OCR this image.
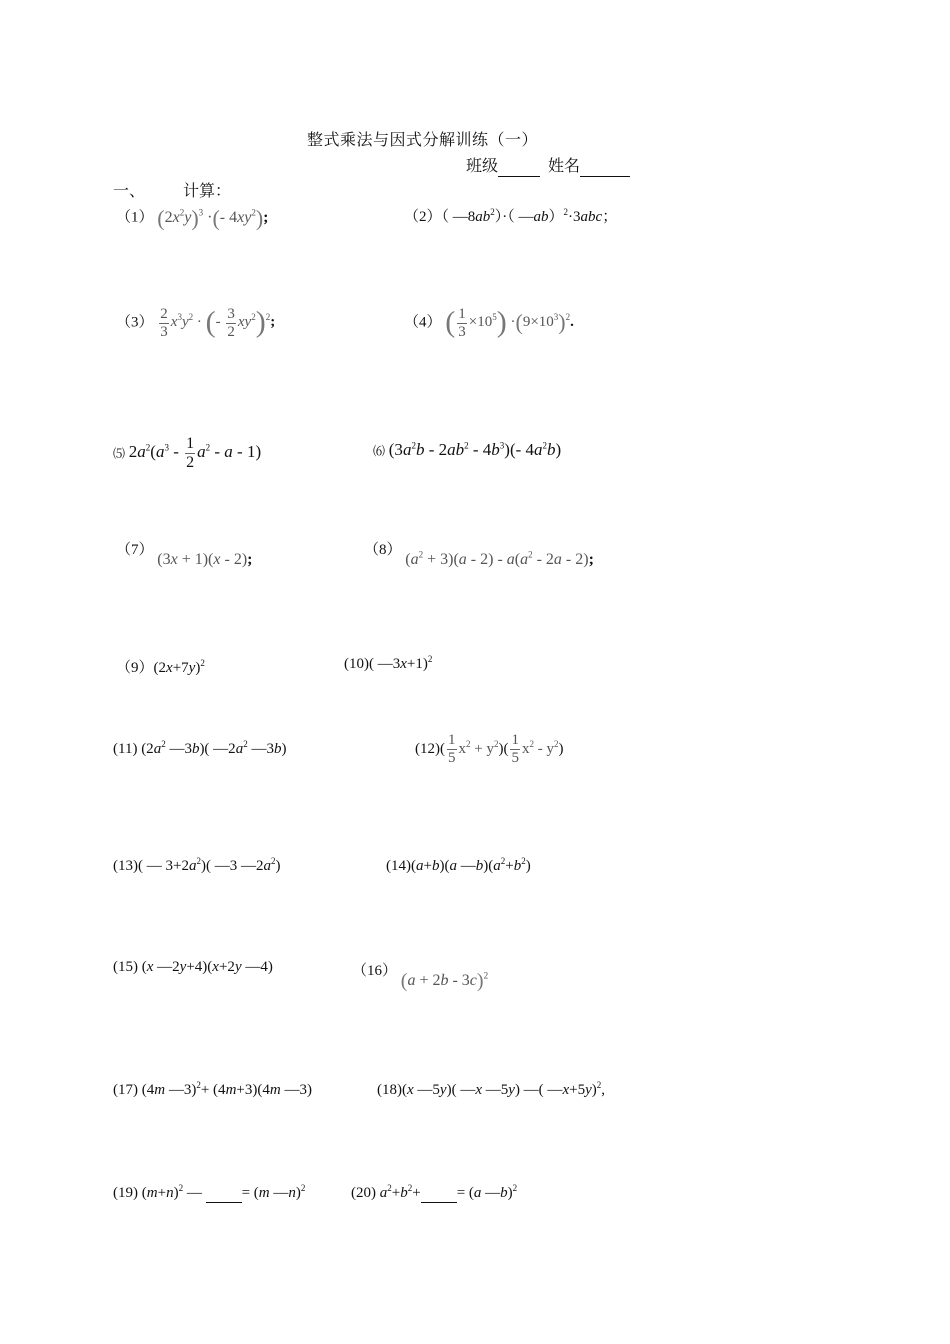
整式乘法与因式分解训练（一）
班级	姓名
一、 计算：
（1） $(2x^2y)^3$ ·(- $4xy^2$);	（2）（ $—8ab^2)\cdot$（ —ab）$^2$·3abc；
$(3) \frac{2}{3} x^3y^2$ · (- $\frac{3}{2} xy^2)^2$;	（4） ( $\frac{1}{3} \times 10^5) \cdot(9\times 10^3)^2$.
⑸ $2a^2(a^3 - \frac{1}{2} a^2$ - a - 1)	⑹ $(3a^2b - 2ab^2 - 4b^3)(-$ $4a^2b$)
（7） (3x + 1)(x - 2);
（8） $(a^2 + 3)(a - 2) - a(a^2 - 2a - 2)$;
$(9)(2x+7y)^2$	(10)( —3x+1)$^2$
(11) ($2a^2$ —3b)( $—2a^2$ —3b)	$(12)( \frac{1}{5} x^2 + y^2)( \frac{1}{5} x^2 - y^2)$
(13)( — $3+2a^2$)( —3 $—2a^2$)	(14)(a+b)(a $—b)(a^2+b^2)$
(15) (x —2y+4)(x+2y —4)	（16） $(a + 2b - 3c)^2$
(17) (4m —3)$^2$+ (4m+3)(4m —3)	(18)(x —5y)( —x —5y) —( —x+5y)$^2$,
(19) $(m+n)^2$ —  = (m —n)$^2$	(20) $a^2+b^2+ = (a$ —b)$^2$
